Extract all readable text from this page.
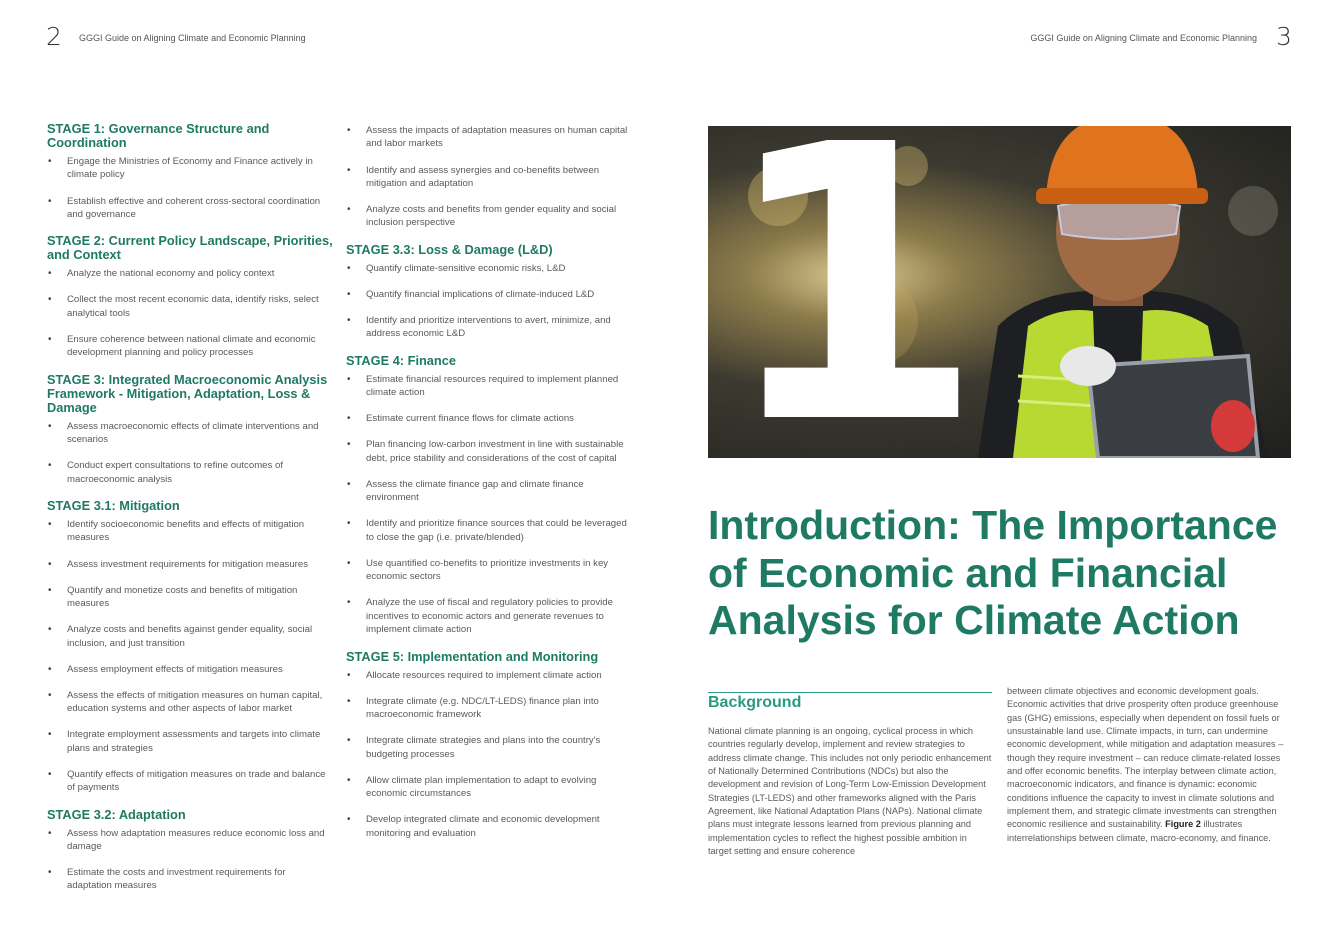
2 GGGI Guide on Aligning Climate and Economic Planning	GGGI Guide on Aligning Climate and Economic Planning 3
STAGE 1: Governance Structure and Coordination
• Engage the Ministries of Economy and Finance actively in climate policy
• Establish effective and coherent cross-sectoral coordination and governance
STAGE 2: Current Policy Landscape, Priorities, and Context
• Analyze the national economy and policy context
• Collect the most recent economic data, identify risks, select analytical tools
• Ensure coherence between national climate and economic development planning and policy processes
STAGE 3: Integrated Macroeconomic Analysis Framework - Mitigation, Adaptation, Loss & Damage
• Assess macroeconomic effects of climate interventions and scenarios
• Conduct expert consultations to refine outcomes of macroeconomic analysis
STAGE 3.1: Mitigation
• Identify socioeconomic benefits and effects of mitigation measures
• Assess investment requirements for mitigation measures
• Quantify and monetize costs and benefits of mitigation measures
• Analyze costs and benefits against gender equality, social inclusion, and just transition
• Assess employment effects of mitigation measures
• Assess the effects of mitigation measures on human capital, education systems and other aspects of labor market
• Integrate employment assessments and targets into climate plans and strategies
• Quantify effects of mitigation measures on trade and balance of payments
STAGE 3.2: Adaptation
• Assess how adaptation measures reduce economic loss and damage
• Estimate the costs and investment requirements for adaptation measures
• Assess the impacts of adaptation measures on human capital and labor markets
• Identify and assess synergies and co-benefits between mitigation and adaptation
• Analyze costs and benefits from gender equality and social inclusion perspective
STAGE 3.3: Loss & Damage (L&D)
• Quantify climate-sensitive economic risks, L&D
• Quantify financial implications of climate-induced L&D
• Identify and prioritize interventions to avert, minimize, and address economic L&D
STAGE 4: Finance
• Estimate financial resources required to implement planned climate action
• Estimate current finance flows for climate actions
• Plan financing low-carbon investment in line with sustainable debt, price stability and considerations of the cost of capital
• Assess the climate finance gap and climate finance environment
• Identify and prioritize finance sources that could be leveraged to close the gap (i.e. private/blended)
• Use quantified co-benefits to prioritize investments in key economic sectors
• Analyze the use of fiscal and regulatory policies to provide incentives to economic actors and generate revenues to implement climate action
STAGE 5: Implementation and Monitoring
• Allocate resources required to implement climate action
• Integrate climate (e.g. NDC/LT-LEDS) finance plan into macroeconomic framework
• Integrate climate strategies and plans into the country's budgeting processes
• Allow climate plan implementation to adapt to evolving economic circumstances
• Develop integrated climate and economic development monitoring and evaluation
1
Introduction: The Importance of Economic and Financial Analysis for Climate Action
Background

National climate planning is an ongoing, cyclical process in which countries regularly develop, implement and review strategies to address climate change. This includes not only periodic enhancement of Nationally Determined Contributions (NDCs) but also the development and revision of Long-Term Low-Emission Development Strategies (LT-LEDS) and other frameworks aligned with the Paris Agreement, like National Adaptation Plans (NAPs). National climate plans must integrate lessons learned from previous planning and implementation cycles to reflect the highest possible ambition in target setting and ensure coherence

between climate objectives and economic development goals. Economic activities that drive prosperity often produce greenhouse gas (GHG) emissions, especially when dependent on fossil fuels or unsustainable land use. Climate impacts, in turn, can undermine economic development, while mitigation and adaptation measures – though they require investment – can reduce climate-related losses and offer economic benefits. The interplay between climate action, macroeconomic indicators, and finance is dynamic: economic conditions influence the capacity to invest in climate solutions and implement them, and strategic climate investments can strengthen economic resilience and sustainability. Figure 2 illustrates interrelationships between climate, macro-economy, and finance.
